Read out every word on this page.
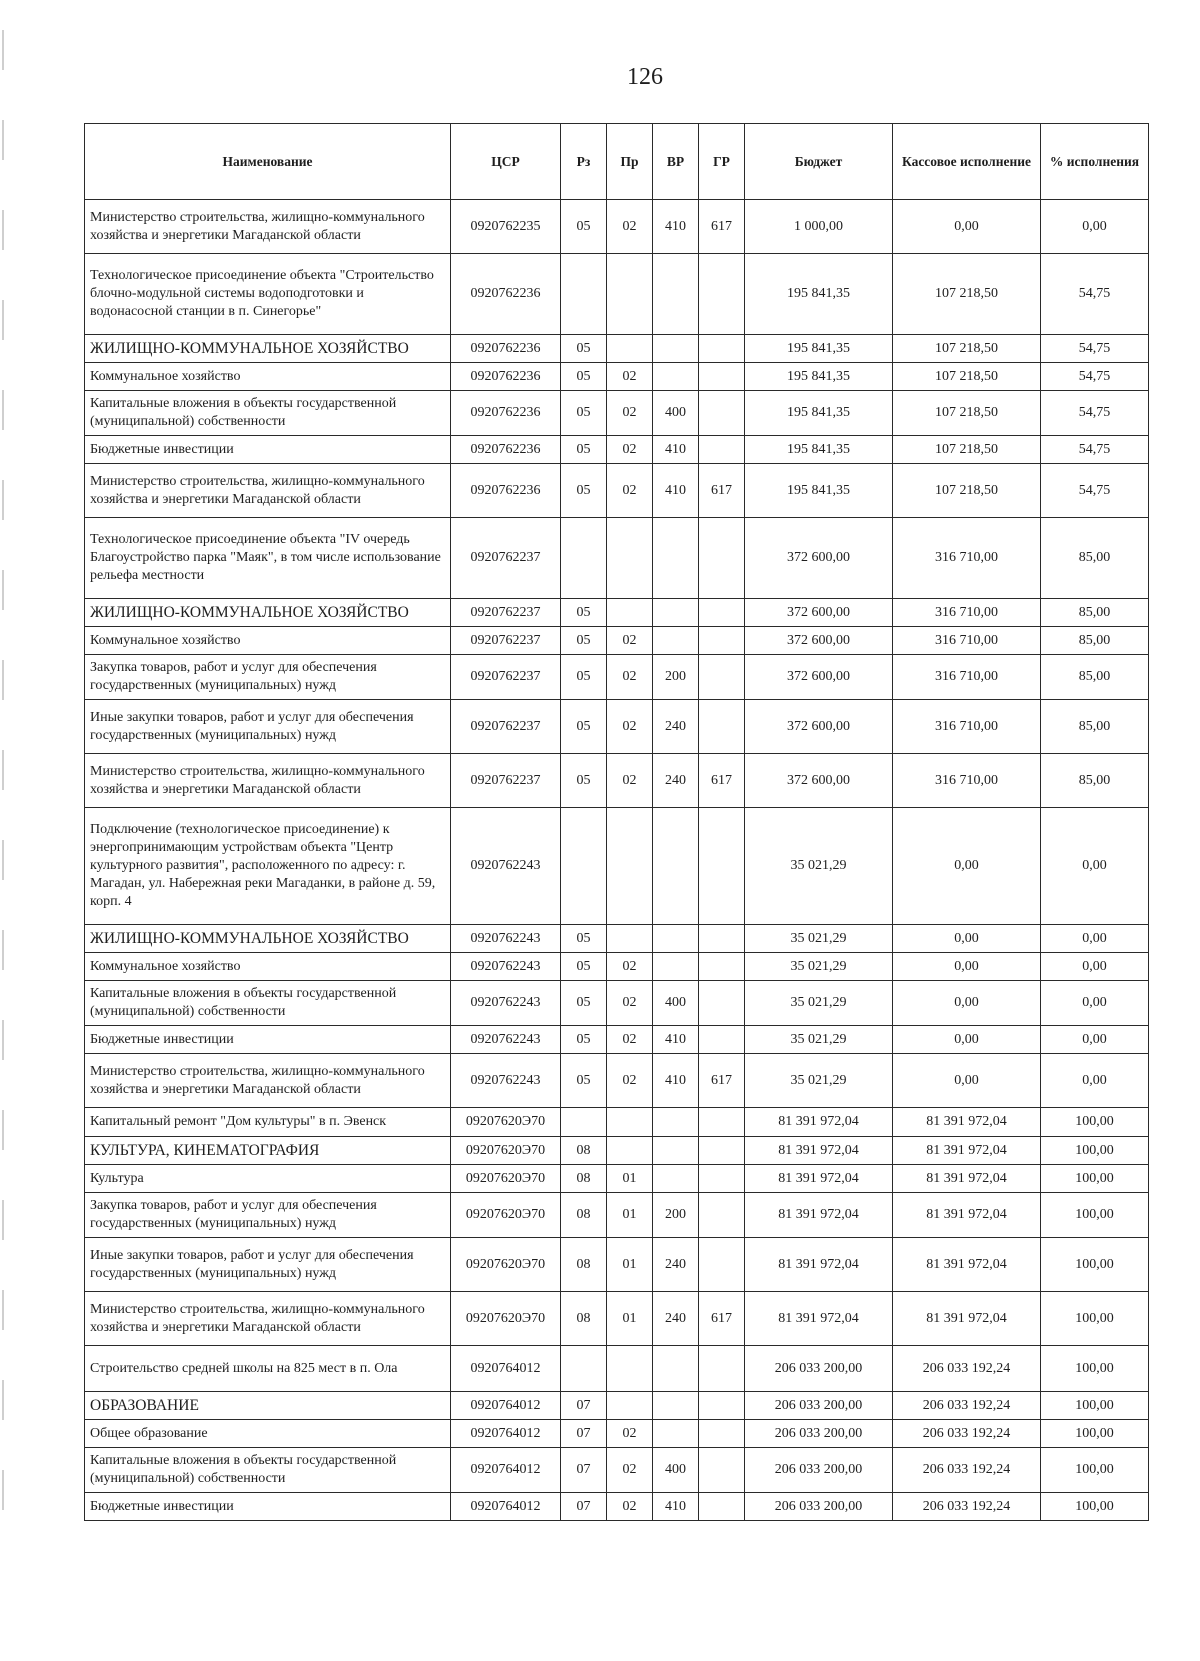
126
Наименование	ЦСР	Рз	Пр	ВР	ГР	Бюджет	Кассовое исполнение	% исполнения
Министерство строительства, жилищно-коммунального хозяйства и энергетики Магаданской области	0920762235	05	02	410	617	1 000,00	0,00	0,00
Технологическое присоединение объекта "Строительство блочно-модульной системы водоподготовки и водонасосной станции в п. Синегорье"	0920762236					195 841,35	107 218,50	54,75
ЖИЛИЩНО-КОММУНАЛЬНОЕ ХОЗЯЙСТВО	0920762236	05				195 841,35	107 218,50	54,75
Коммунальное хозяйство	0920762236	05	02			195 841,35	107 218,50	54,75
Капитальные вложения в объекты государственной (муниципальной) собственности	0920762236	05	02	400		195 841,35	107 218,50	54,75
Бюджетные инвестиции	0920762236	05	02	410		195 841,35	107 218,50	54,75
Министерство строительства, жилищно-коммунального хозяйства и энергетики Магаданской области	0920762236	05	02	410	617	195 841,35	107 218,50	54,75
Технологическое присоединение объекта "IV очередь Благоустройство парка "Маяк", в том числе использование рельефа местности	0920762237					372 600,00	316 710,00	85,00
ЖИЛИЩНО-КОММУНАЛЬНОЕ ХОЗЯЙСТВО	0920762237	05				372 600,00	316 710,00	85,00
Коммунальное хозяйство	0920762237	05	02			372 600,00	316 710,00	85,00
Закупка товаров, работ и услуг для обеспечения государственных (муниципальных) нужд	0920762237	05	02	200		372 600,00	316 710,00	85,00
Иные закупки товаров, работ и услуг для обеспечения государственных (муниципальных) нужд	0920762237	05	02	240		372 600,00	316 710,00	85,00
Министерство строительства, жилищно-коммунального хозяйства и энергетики Магаданской области	0920762237	05	02	240	617	372 600,00	316 710,00	85,00
Подключение (технологическое присоединение) к энергопринимающим устройствам объекта "Центр культурного развития", расположенного по адресу: г. Магадан, ул. Набережная реки Магаданки, в районе д. 59, корп. 4	0920762243					35 021,29	0,00	0,00
ЖИЛИЩНО-КОММУНАЛЬНОЕ ХОЗЯЙСТВО	0920762243	05				35 021,29	0,00	0,00
Коммунальное хозяйство	0920762243	05	02			35 021,29	0,00	0,00
Капитальные вложения в объекты государственной (муниципальной) собственности	0920762243	05	02	400		35 021,29	0,00	0,00
Бюджетные инвестиции	0920762243	05	02	410		35 021,29	0,00	0,00
Министерство строительства, жилищно-коммунального хозяйства и энергетики Магаданской области	0920762243	05	02	410	617	35 021,29	0,00	0,00
Капитальный ремонт "Дом культуры" в п. Эвенск	09207620Э70					81 391 972,04	81 391 972,04	100,00
КУЛЬТУРА, КИНЕМАТОГРАФИЯ	09207620Э70	08				81 391 972,04	81 391 972,04	100,00
Культура	09207620Э70	08	01			81 391 972,04	81 391 972,04	100,00
Закупка товаров, работ и услуг для обеспечения государственных (муниципальных) нужд	09207620Э70	08	01	200		81 391 972,04	81 391 972,04	100,00
Иные закупки товаров, работ и услуг для обеспечения государственных (муниципальных) нужд	09207620Э70	08	01	240		81 391 972,04	81 391 972,04	100,00
Министерство строительства, жилищно-коммунального хозяйства и энергетики Магаданской области	09207620Э70	08	01	240	617	81 391 972,04	81 391 972,04	100,00
Строительство средней школы на 825 мест в п. Ола	0920764012					206 033 200,00	206 033 192,24	100,00
ОБРАЗОВАНИЕ	0920764012	07				206 033 200,00	206 033 192,24	100,00
Общее образование	0920764012	07	02			206 033 200,00	206 033 192,24	100,00
Капитальные вложения в объекты государственной (муниципальной) собственности	0920764012	07	02	400		206 033 200,00	206 033 192,24	100,00
Бюджетные инвестиции	0920764012	07	02	410		206 033 200,00	206 033 192,24	100,00
